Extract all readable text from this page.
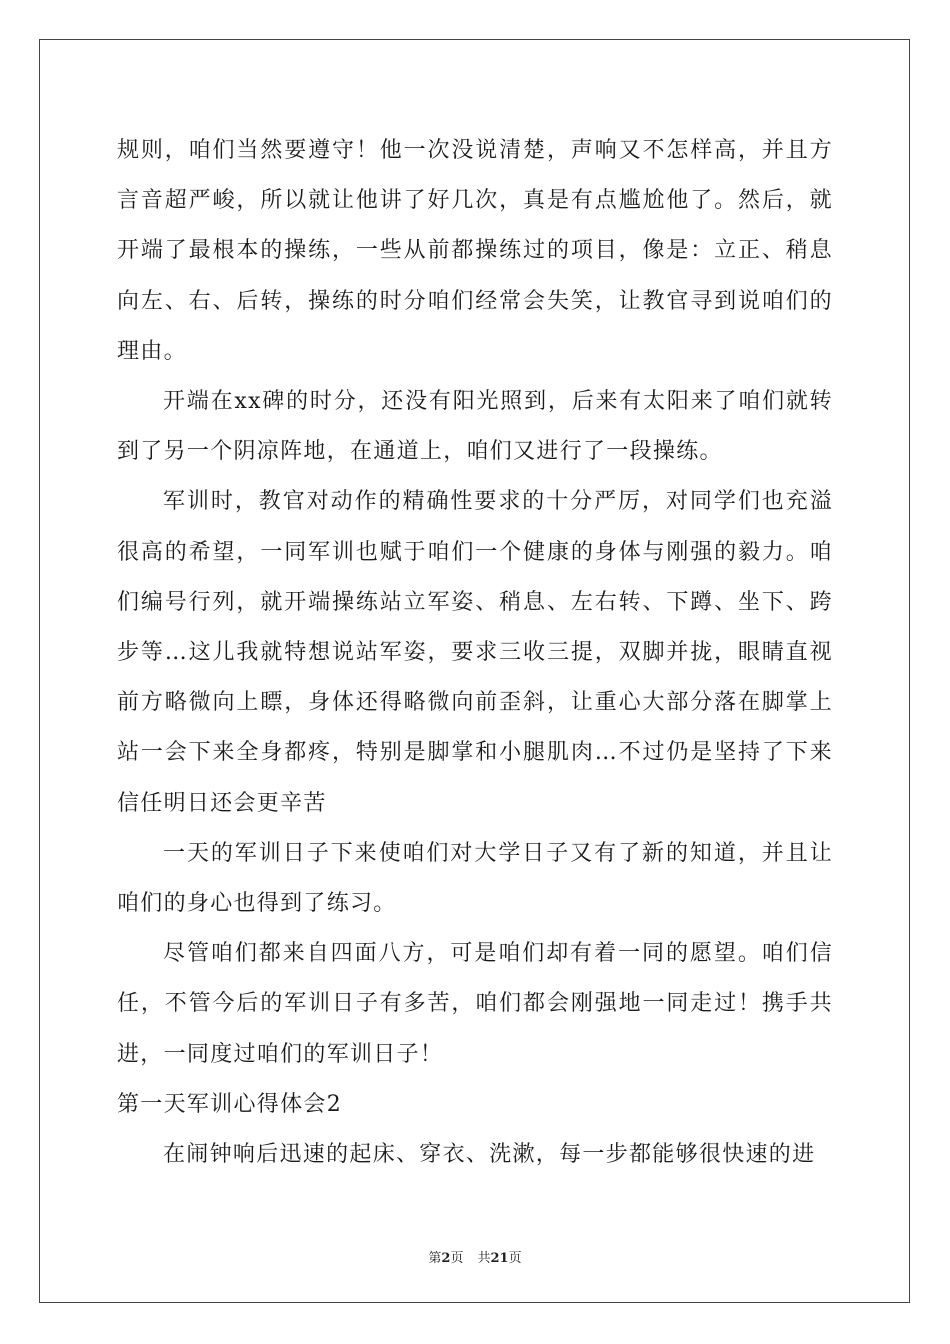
规则，咱们当然要遵守！他一次没说清楚，声响又不怎样高，并且方言音超严峻，所以就让他讲了好几次，真是有点尴尬他了。然后，就开端了最根本的操练，一些从前都操练过的项目，像是：立正、稍息向左、右、后转，操练的时分咱们经常会失笑，让教官寻到说咱们的理由。

开端在xx碑的时分，还没有阳光照到，后来有太阳来了咱们就转到了另一个阴凉阵地，在通道上，咱们又进行了一段操练。

军训时，教官对动作的精确性要求的十分严厉，对同学们也充溢很高的希望，一同军训也赋于咱们一个健康的身体与刚强的毅力。咱们编号行列，就开端操练站立军姿、稍息、左右转、下蹲、坐下、跨步等…这儿我就特想说站军姿，要求三收三提，双脚并拢，眼睛直视前方略微向上瞟，身体还得略微向前歪斜，让重心大部分落在脚掌上站一会下来全身都疼，特别是脚掌和小腿肌肉…不过仍是坚持了下来信任明日还会更辛苦

一天的军训日子下来使咱们对大学日子又有了新的知道，并且让咱们的身心也得到了练习。

尽管咱们都来自四面八方，可是咱们却有着一同的愿望。咱们信任，不管今后的军训日子有多苦，咱们都会刚强地一同走过！携手共进，一同度过咱们的军训日子！

第一天军训心得体会2

在闹钟响后迅速的起床、穿衣、洗漱，每一步都能够很快速的进

第2页 共21页
